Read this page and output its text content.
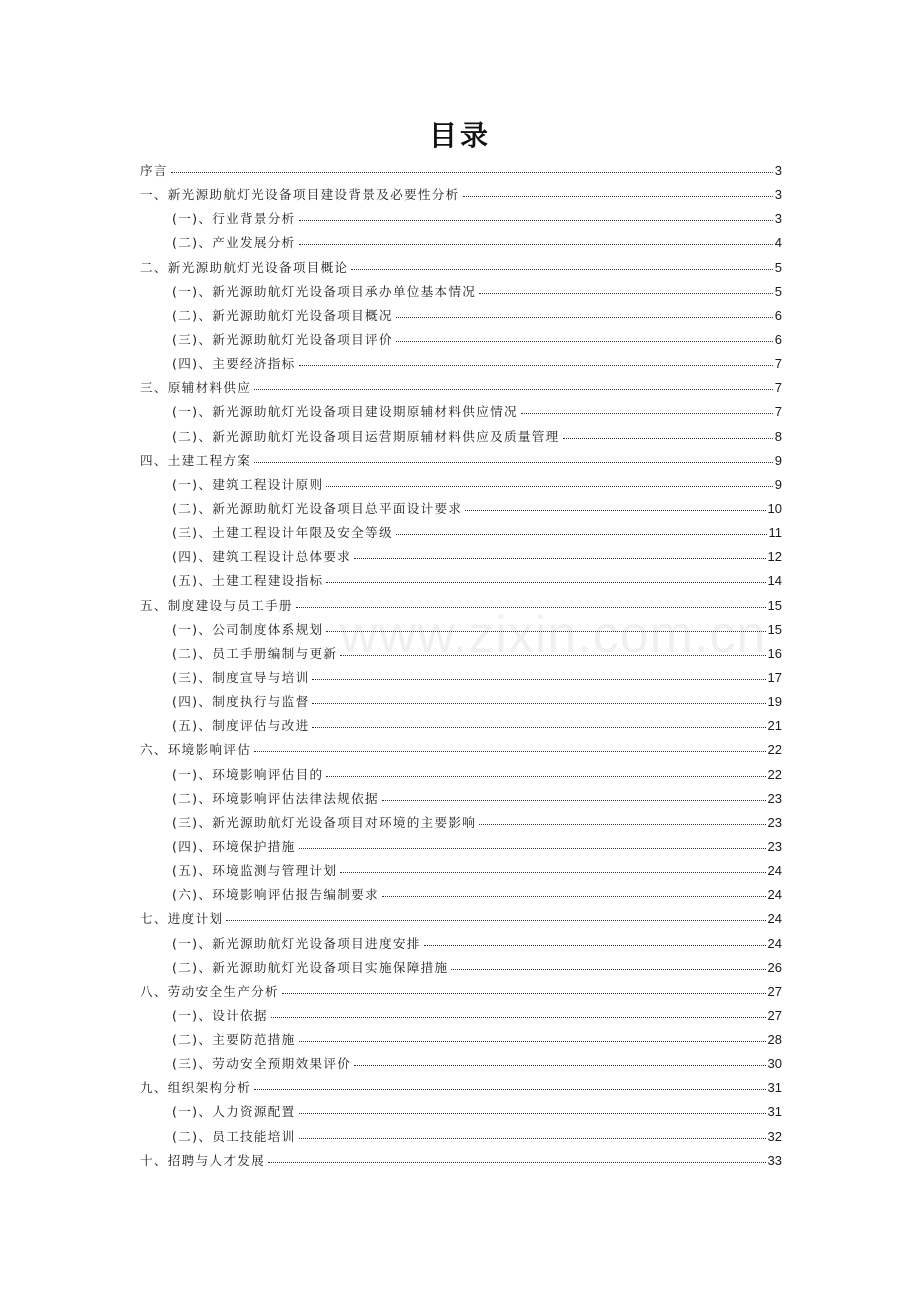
目录
www.zixin.com.cn
序言	3
一、新光源助航灯光设备项目建设背景及必要性分析	3
(一)、行业背景分析	3
(二)、产业发展分析	4
二、新光源助航灯光设备项目概论	5
(一)、新光源助航灯光设备项目承办单位基本情况	5
(二)、新光源助航灯光设备项目概况	6
(三)、新光源助航灯光设备项目评价	6
(四)、主要经济指标	7
三、原辅材料供应	7
(一)、新光源助航灯光设备项目建设期原辅材料供应情况	7
(二)、新光源助航灯光设备项目运营期原辅材料供应及质量管理	8
四、土建工程方案	9
(一)、建筑工程设计原则	9
(二)、新光源助航灯光设备项目总平面设计要求	10
(三)、土建工程设计年限及安全等级	11
(四)、建筑工程设计总体要求	12
(五)、土建工程建设指标	14
五、制度建设与员工手册	15
(一)、公司制度体系规划	15
(二)、员工手册编制与更新	16
(三)、制度宣导与培训	17
(四)、制度执行与监督	19
(五)、制度评估与改进	21
六、环境影响评估	22
(一)、环境影响评估目的	22
(二)、环境影响评估法律法规依据	23
(三)、新光源助航灯光设备项目对环境的主要影响	23
(四)、环境保护措施	23
(五)、环境监测与管理计划	24
(六)、环境影响评估报告编制要求	24
七、进度计划	24
(一)、新光源助航灯光设备项目进度安排	24
(二)、新光源助航灯光设备项目实施保障措施	26
八、劳动安全生产分析	27
(一)、设计依据	27
(二)、主要防范措施	28
(三)、劳动安全预期效果评价	30
九、组织架构分析	31
(一)、人力资源配置	31
(二)、员工技能培训	32
十、招聘与人才发展	33
